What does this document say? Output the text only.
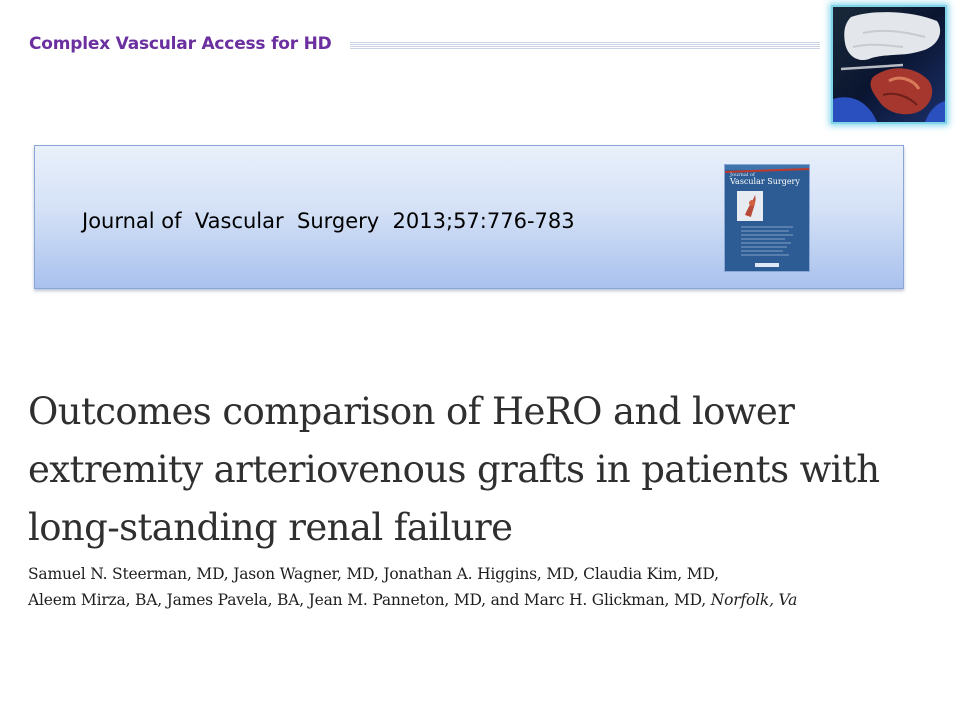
Complex Vascular Access for HD
Journal of  Vascular  Surgery  2013;57:776-783
Journal of
Vascular Surgery
Outcomes comparison of HeRO and lower
extremity arteriovenous grafts in patients with
long-standing renal failure
Samuel N. Steerman, MD, Jason Wagner, MD, Jonathan A. Higgins, MD, Claudia Kim, MD,
Aleem Mirza, BA, James Pavela, BA, Jean M. Panneton, MD, and Marc H. Glickman, MD, Norfolk, Va
